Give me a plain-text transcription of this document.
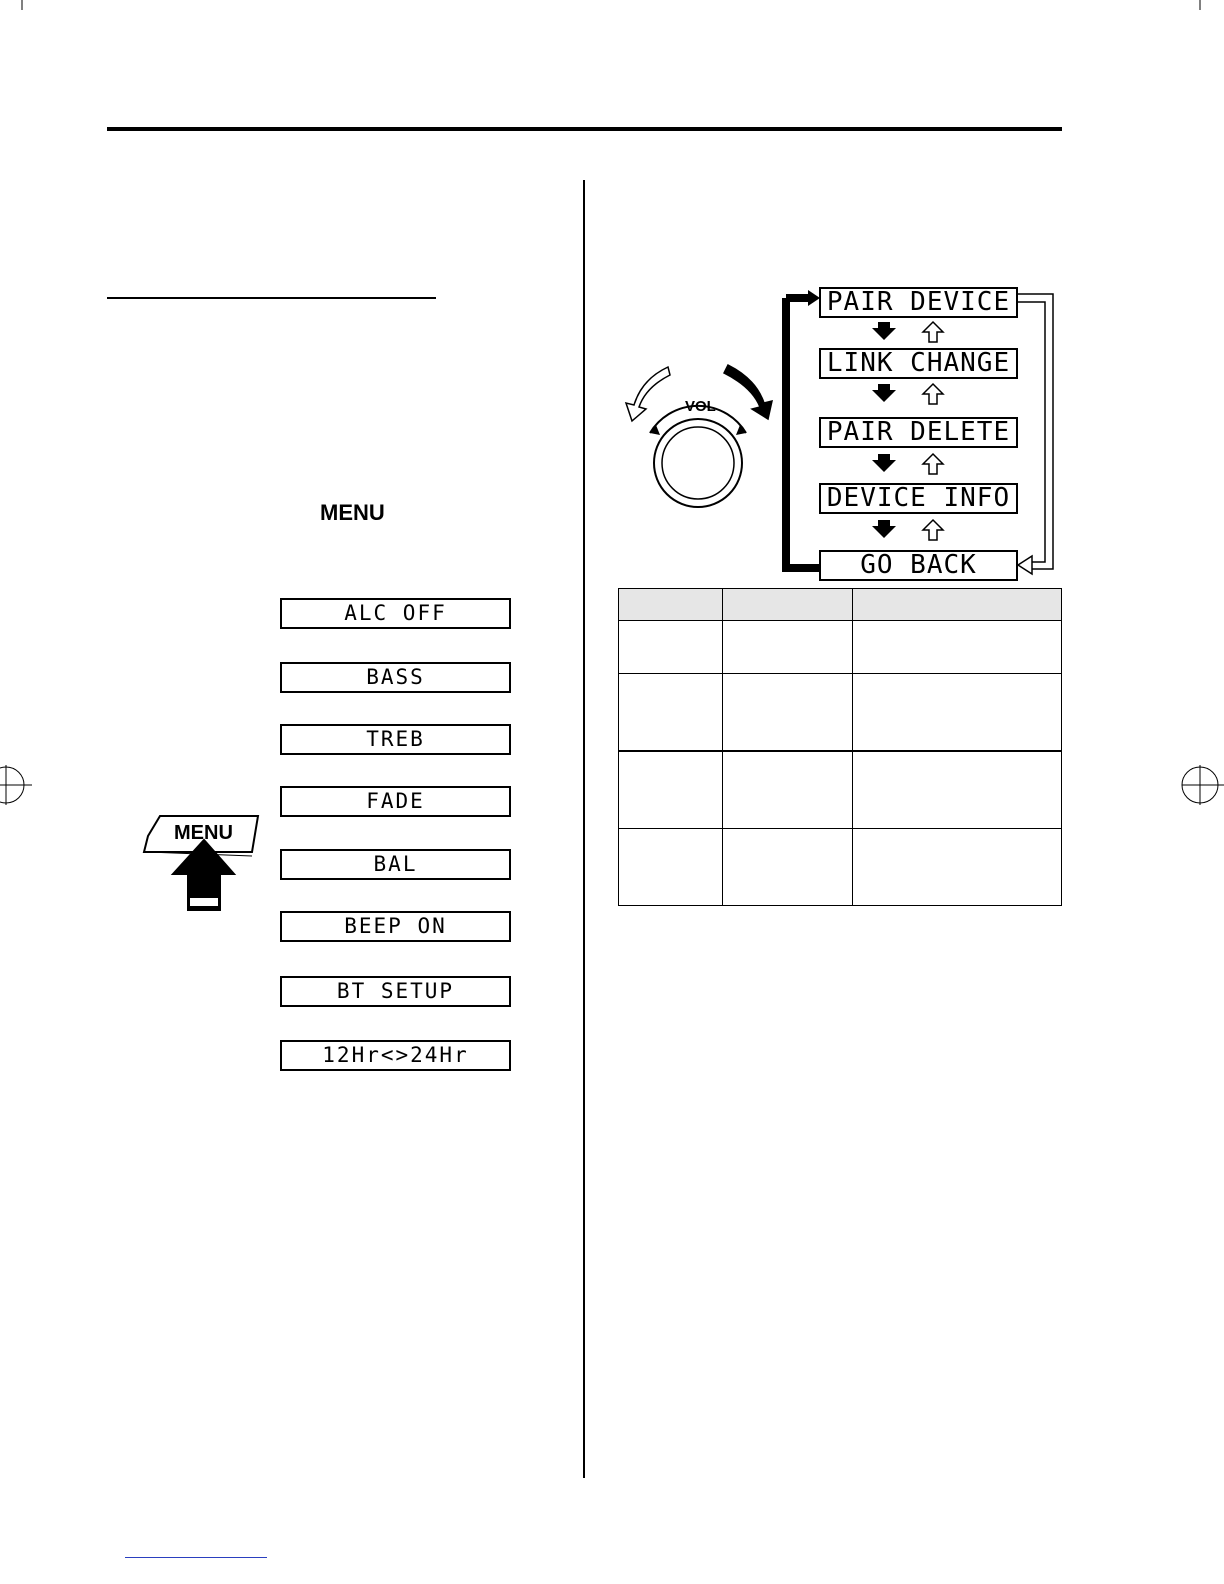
MENU
ALC OFF
BASS
TREB
FADE
BAL
BEEP ON
BT SETUP
12Hr<>24Hr
MENU
VOL
PAIR DEVICE
LINK CHANGE
PAIR DELETE
DEVICE INFO
GO BACK
